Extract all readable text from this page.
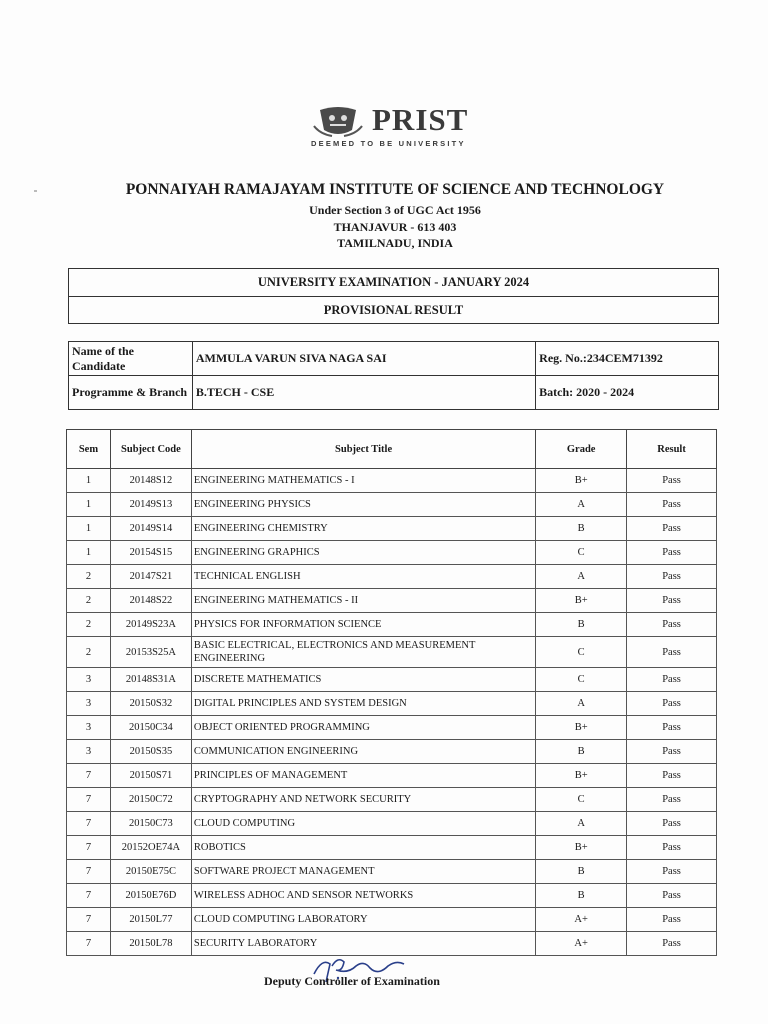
PRIST
DEEMED TO BE UNIVERSITY
PONNAIYAH RAMAJAYAM INSTITUTE OF SCIENCE AND TECHNOLOGY
Under Section 3 of UGC Act 1956
THANJAVUR - 613 403
TAMILNADU, INDIA
UNIVERSITY EXAMINATION - JANUARY 2024
PROVISIONAL RESULT
Name of the Candidate	AMMULA VARUN SIVA NAGA SAI	Reg. No.:234CEM71392
Programme & Branch	B.TECH - CSE	Batch: 2020 - 2024
Sem	Subject Code	Subject Title	Grade	Result
1	20148S12	ENGINEERING MATHEMATICS - I	B+	Pass
1	20149S13	ENGINEERING PHYSICS	A	Pass
1	20149S14	ENGINEERING CHEMISTRY	B	Pass
1	20154S15	ENGINEERING GRAPHICS	C	Pass
2	20147S21	TECHNICAL ENGLISH	A	Pass
2	20148S22	ENGINEERING MATHEMATICS - II	B+	Pass
2	20149S23A	PHYSICS FOR INFORMATION SCIENCE	B	Pass
2	20153S25A	BASIC ELECTRICAL, ELECTRONICS AND MEASUREMENT ENGINEERING	C	Pass
3	20148S31A	DISCRETE MATHEMATICS	C	Pass
3	20150S32	DIGITAL PRINCIPLES AND SYSTEM DESIGN	A	Pass
3	20150C34	OBJECT ORIENTED PROGRAMMING	B+	Pass
3	20150S35	COMMUNICATION ENGINEERING	B	Pass
7	20150S71	PRINCIPLES OF MANAGEMENT	B+	Pass
7	20150C72	CRYPTOGRAPHY AND NETWORK SECURITY	C	Pass
7	20150C73	CLOUD COMPUTING	A	Pass
7	20152OE74A	ROBOTICS	B+	Pass
7	20150E75C	SOFTWARE PROJECT MANAGEMENT	B	Pass
7	20150E76D	WIRELESS ADHOC AND SENSOR NETWORKS	B	Pass
7	20150L77	CLOUD COMPUTING LABORATORY	A+	Pass
7	20150L78	SECURITY LABORATORY	A+	Pass
Deputy Controller of Examination
